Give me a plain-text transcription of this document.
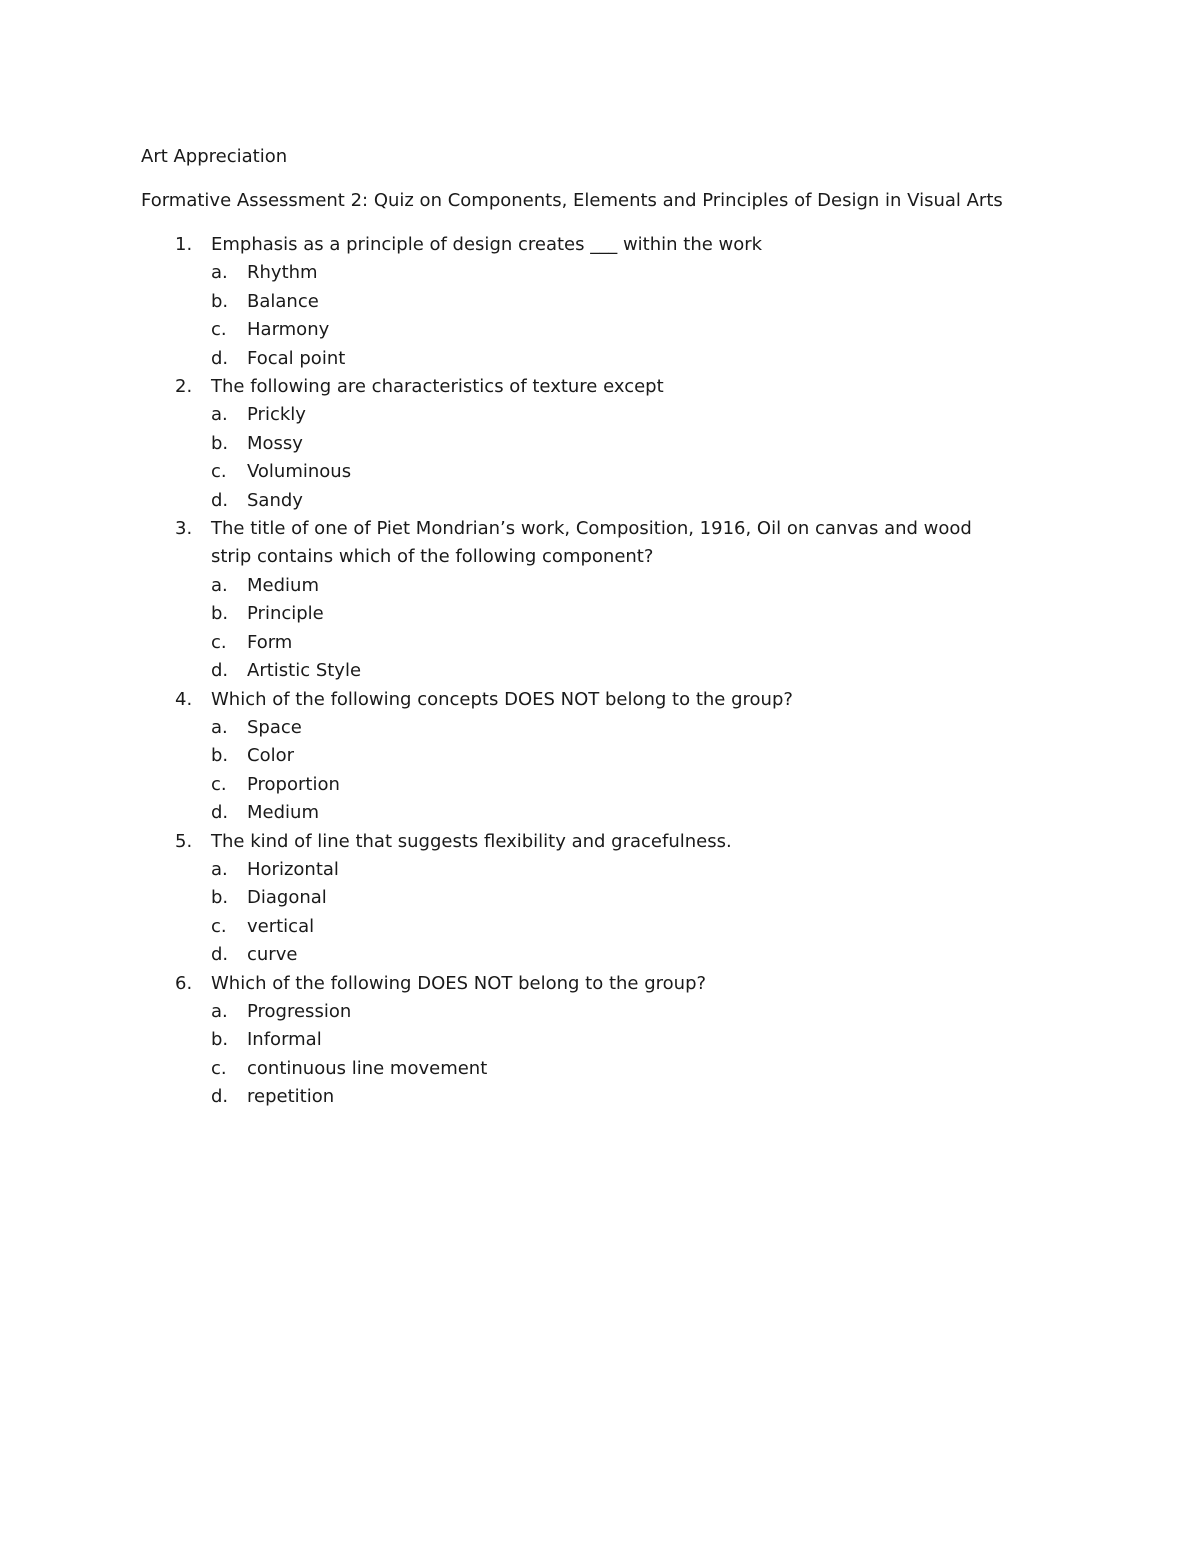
Art Appreciation

Formative Assessment 2: Quiz on Components, Elements and Principles of Design in Visual Arts

1. Emphasis as a principle of design creates ___ within the work
a. Rhythm
b. Balance
c. Harmony
d. Focal point
2. The following are characteristics of texture except
a. Prickly
b. Mossy
c. Voluminous
d. Sandy
3. The title of one of Piet Mondrian’s work, Composition, 1916, Oil on canvas and wood strip contains which of the following component?
a. Medium
b. Principle
c. Form
d. Artistic Style
4. Which of the following concepts DOES NOT belong to the group?
a. Space
b. Color
c. Proportion
d. Medium
5. The kind of line that suggests flexibility and gracefulness.
a. Horizontal
b. Diagonal
c. vertical
d. curve
6. Which of the following DOES NOT belong to the group?
a. Progression
b. Informal
c. continuous line movement
d. repetition
